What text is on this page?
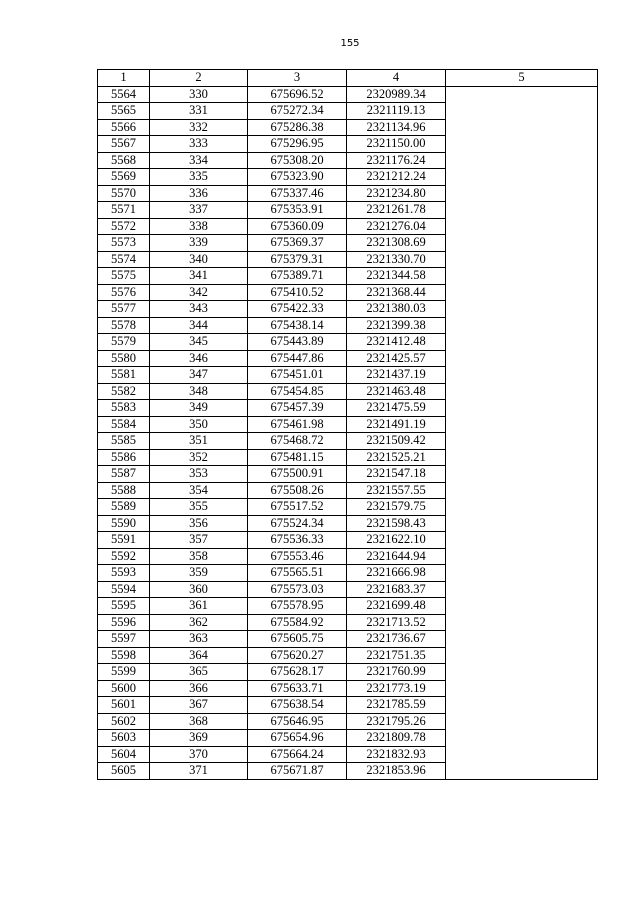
155
1	2	3	4	5
5564	330	675696.52	2320989.34	
5565	331	675272.34	2321119.13	
5566	332	675286.38	2321134.96	
5567	333	675296.95	2321150.00	
5568	334	675308.20	2321176.24	
5569	335	675323.90	2321212.24	
5570	336	675337.46	2321234.80	
5571	337	675353.91	2321261.78	
5572	338	675360.09	2321276.04	
5573	339	675369.37	2321308.69	
5574	340	675379.31	2321330.70	
5575	341	675389.71	2321344.58	
5576	342	675410.52	2321368.44	
5577	343	675422.33	2321380.03	
5578	344	675438.14	2321399.38	
5579	345	675443.89	2321412.48	
5580	346	675447.86	2321425.57	
5581	347	675451.01	2321437.19	
5582	348	675454.85	2321463.48	
5583	349	675457.39	2321475.59	
5584	350	675461.98	2321491.19	
5585	351	675468.72	2321509.42	
5586	352	675481.15	2321525.21	
5587	353	675500.91	2321547.18	
5588	354	675508.26	2321557.55	
5589	355	675517.52	2321579.75	
5590	356	675524.34	2321598.43	
5591	357	675536.33	2321622.10	
5592	358	675553.46	2321644.94	
5593	359	675565.51	2321666.98	
5594	360	675573.03	2321683.37	
5595	361	675578.95	2321699.48	
5596	362	675584.92	2321713.52	
5597	363	675605.75	2321736.67	
5598	364	675620.27	2321751.35	
5599	365	675628.17	2321760.99	
5600	366	675633.71	2321773.19	
5601	367	675638.54	2321785.59	
5602	368	675646.95	2321795.26	
5603	369	675654.96	2321809.78	
5604	370	675664.24	2321832.93	
5605	371	675671.87	2321853.96	
